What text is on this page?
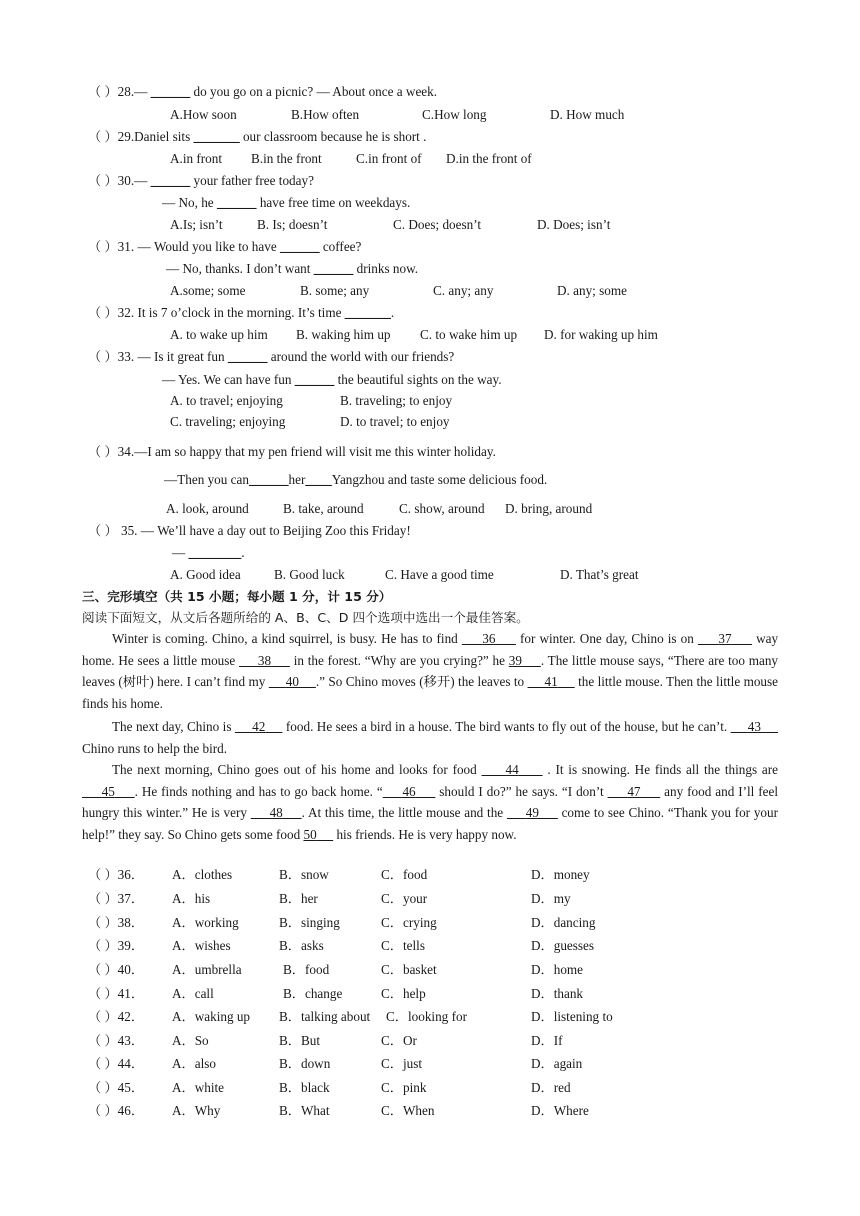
（ ）28.— ______ do you go on a picnic? — About once a week.
A.How soon	B.How often	C.How long	D. How much
（ ）29.Daniel sits _______ our classroom because he is short .
A.in front B.in the front	C.in front of D.in the front of
（ ）30.— ______ your father free today?
— No, he ______ have free time on weekdays.
A.Is; isn’t	B. Is; doesn’t	C. Does; doesn’t	D. Does; isn’t
（ ）31. — Would you like to have ______ coffee?
— No, thanks. I don’t want ______ drinks now.
A.some; some	B. some; any	C. any; any	D. any; some
（ ）32. It is 7 o’clock in the morning. It’s time _______.
A. to wake up him B. waking him up C. to wake him up D. for waking up him
（ ）33. — Is it great fun ______ around the world with our friends?
— Yes. We can have fun ______ the beautiful sights on the way.
A. to travel; enjoying	B. traveling; to enjoy
C. traveling; enjoying	D. to travel; to enjoy
（ ）34.—I am so happy that my pen friend will visit me this winter holiday.
—Then you can______her____Yangzhou and taste some delicious food.
A. look, around	B. take, around	C. show, around D. bring, around
（ ） 35. — We’ll have a day out to Beijing Zoo this Friday!
— ________.
A. Good idea	B. Good luck	C. Have a good time	D. That’s great
三、完形填空（共 15 小题；每小题 1 分，计 15 分）
阅读下面短文，从文后各题所给的 A、B、C、D 四个选项中选出一个最佳答案。
Winter is coming. Chino, a kind squirrel, is busy. He has to find      36      for winter. One day, Chino is on      37      way home. He sees a little mouse      38      in the forest. “Why are you crying?” he 39 . The little mouse says, “There are too many leaves (树叶) here. I can’t find my      40 .” So Chino moves (移开) the leaves to      41      the little mouse. Then the little mouse finds his home.
The next day, Chino is      42      food. He sees a bird in a house. The bird wants to fly out of the house, but he can’t.      43      Chino runs to help the bird.
The next morning, Chino goes out of his home and looks for food      44      . It is snowing. He finds all the things are      45 . He finds nothing and has to go back home. “ 46      should I do?” he says. “I don’t      47      any food and I’ll feel hungry this winter.” He is very      48 . At this time, the little mouse and the      49      come to see Chino. “Thank you for your help!” they say. So Chino gets some food 50      his friends. He is very happy now.
（ ）36． A．clothes	B．snow	C．food	D．money
（ ）37． A．his	B．her	C．your	D．my
（ ）38． A．working	B．singing	C．crying	D．dancing
（ ）39． A．wishes	B．asks	C．tells	D．guesses
（ ）40． A．umbrella	B．food	C．basket	D．home
（ ）41． A．call	B．change	C．help	D．thank
（ ）42． A．waking up B．talking about C．looking for	D．listening to
（ ）43． A．So	B．But	C．Or	D．If
（ ）44． A．also	B．down	C．just	D．again
（ ）45． A．white	B．black	C．pink	D．red
（ ）46． A．Why	B．What	C．When	D．Where
